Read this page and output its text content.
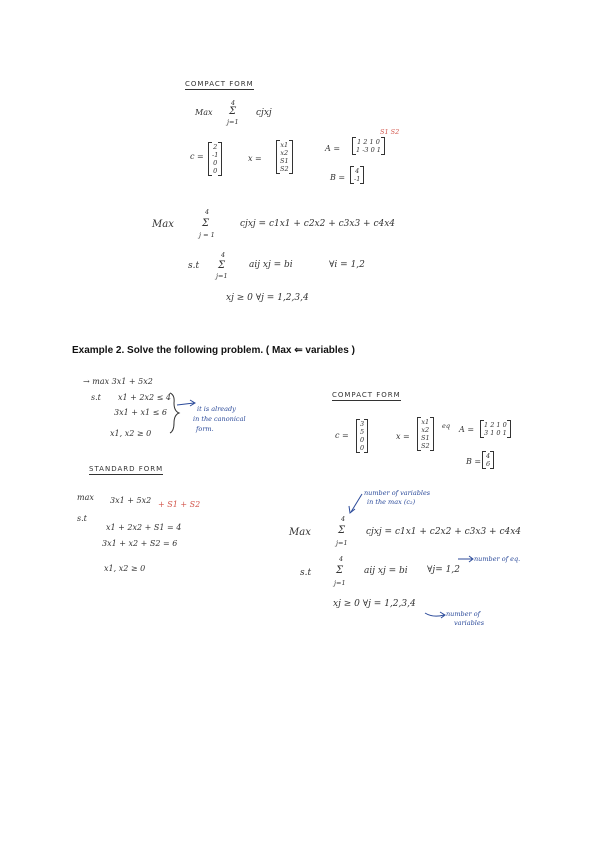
COMPACT FORM
Max
4
Σ
j=1
cjxj
c =
2
-1
0
0
x =
x1
x2
S1
S2
S1 S2
A =
1 2 1 0
1 -3 0 1
B =
4
-1
Max
4
Σ
j = 1
cjxj = c1x1 + c2x2 + c3x3 + c4x4
s.t
4
Σ
j=1
aij xj = bi	∀i = 1,2
xj ≥ 0 ∀j = 1,2,3,4
Example 2. Solve the following problem. ( Max ⇐ variables )
→ max 3x1 + 5x2
s.t x1 + 2x2 ≤ 4
3x1 + x1 ≤ 6
x1, x2 ≥ 0
it is already
in the canonical
form.
STANDARD FORM
max 3x1 + 5x2 + S1 + S2
s.t
x1 + 2x2 + S1 = 4
3x1 + x2 + S2 = 6
x1, x2 ≥ 0
COMPACT FORM
c =
3
5
0
0
x =
x1
x2
S1
S2
eq A = 1 2 1 0
3 1 0 1
B =
4
6
number of variables
in the max (c₂)
Max
4
Σ
j=1
cjxj = c1x1 + c2x2 + c3x3 + c4x4
s.t
4
Σ
j=1
aij xj = bi ∀j= 1,2
number of eq.
xj ≥ 0 ∀j = 1,2,3,4
number of
variables
